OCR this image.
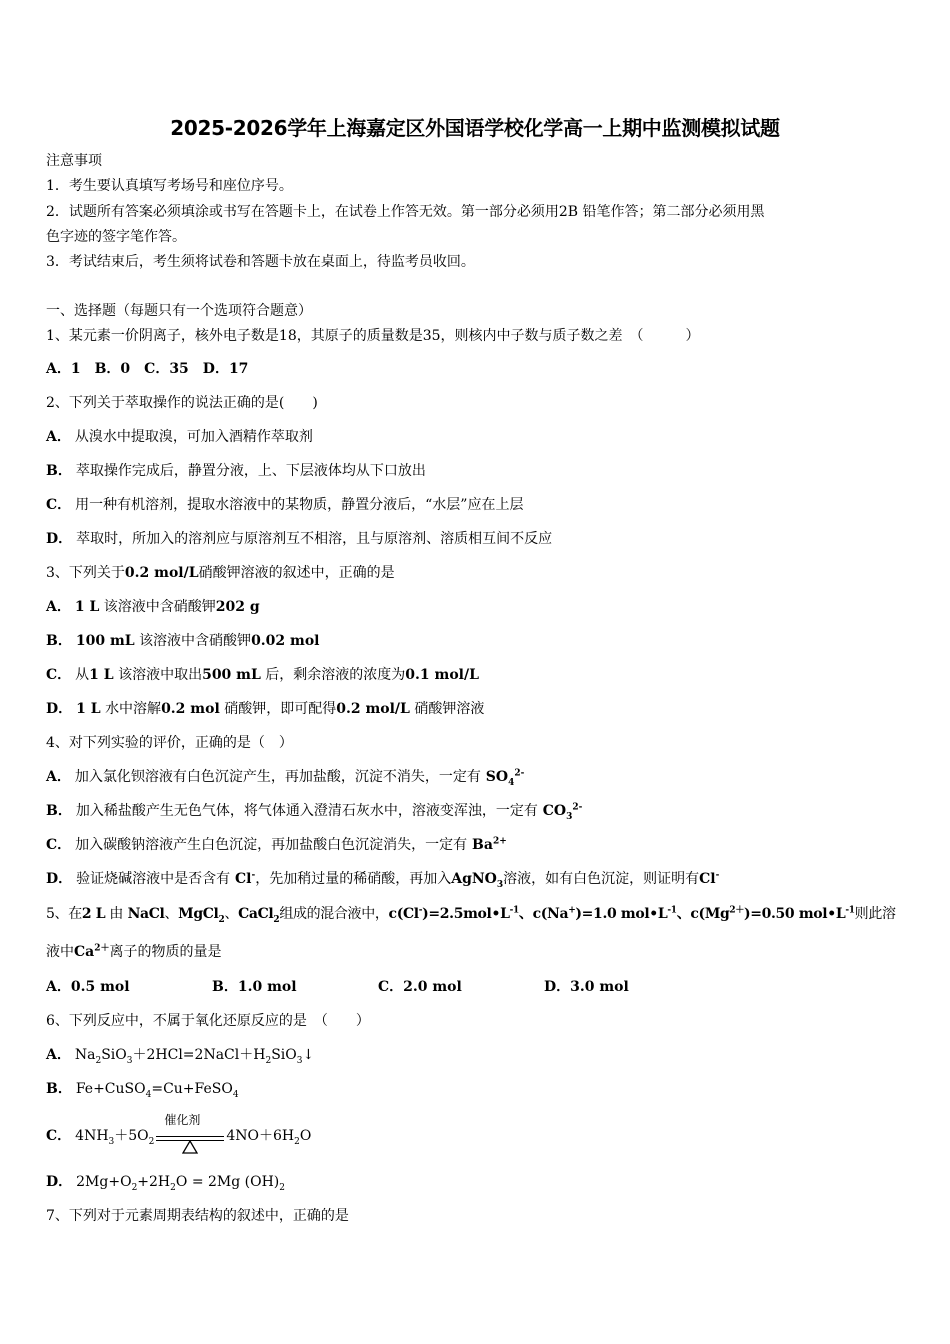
2025-2026学年上海嘉定区外国语学校化学高一上期中监测模拟试题
注意事项
1．考生要认真填写考场号和座位序号。
2．试题所有答案必须填涂或书写在答题卡上，在试卷上作答无效。第一部分必须用2B 铅笔作答；第二部分必须用黑
色字迹的签字笔作答。
3．考试结束后，考生须将试卷和答题卡放在桌面上，待监考员收回。
一、选择题（每题只有一个选项符合题意）
1、某元素一价阴离子，核外电子数是18，其原子的质量数是35，则核内中子数与质子数之差　（　　　）
A．1　B．0　C．35　D．17
2、下列关于萃取操作的说法正确的是(　　)
A． 从溴水中提取溴，可加入酒精作萃取剂
B． 萃取操作完成后，静置分液，上、下层液体均从下口放出
C． 用一种有机溶剂，提取水溶液中的某物质，静置分液后，“水层”应在上层
D． 萃取时，所加入的溶剂应与原溶剂互不相溶，且与原溶剂、溶质相互间不反应
3、下列关于0.2 mol/L硝酸钾溶液的叙述中，正确的是
A． 1 L 该溶液中含硝酸钾202 g
B． 100 mL 该溶液中含硝酸钾0.02 mol
C． 从1 L 该溶液中取出500 mL 后，剩余溶液的浓度为0.1 mol/L
D． 1 L 水中溶解0.2 mol 硝酸钾，即可配得0.2 mol/L 硝酸钾溶液
4、对下列实验的评价，正确的是（　）
A． 加入氯化钡溶液有白色沉淀产生，再加盐酸，沉淀不消失，一定有 $SO_4^{2-}$
B． 加入稀盐酸产生无色气体，将气体通入澄清石灰水中，溶液变浑浊，一定有 $CO_3^{2-}$
C． 加入碳酸钠溶液产生白色沉淀，再加盐酸白色沉淀消失，一定有 $Ba^{2+}$
D． 验证烧碱溶液中是否含有 Cl-，先加稍过量的稀硝酸，再加入AgNO$_3$溶液，如有白色沉淀，则证明有Cl-
5、在2 L 由 NaCl、MgCl$_2$、CaCl$_2$组成的混合液中，$c(Cl^-)=2.5mol•L^{-1}$、c(Na+)=1.0 $mol•L^{-1}$、$c(Mg^{2+})=0.50$ $mol•L^{-1}$则此溶
液中$Ca^{2+}$离子的物质的量是
A．0.5 mol	B．1.0 mol	C．2.0 mol	D．3.0 mol
6、下列反应中，不属于氧化还原反应的是　（　　）
A． $Na_2SiO_3+2HCl=2NaCl+H_2SiO_3↓$
B． Fe+CuSO$_4$=Cu+FeSO$_4$
C． $4NH_3+5O_2$
催化剂
$4NO+6H_2O$
D． $2Mg+O_2+2H_2O = 2Mg$ $(OH)_2$
7、下列对于元素周期表结构的叙述中，正确的是
